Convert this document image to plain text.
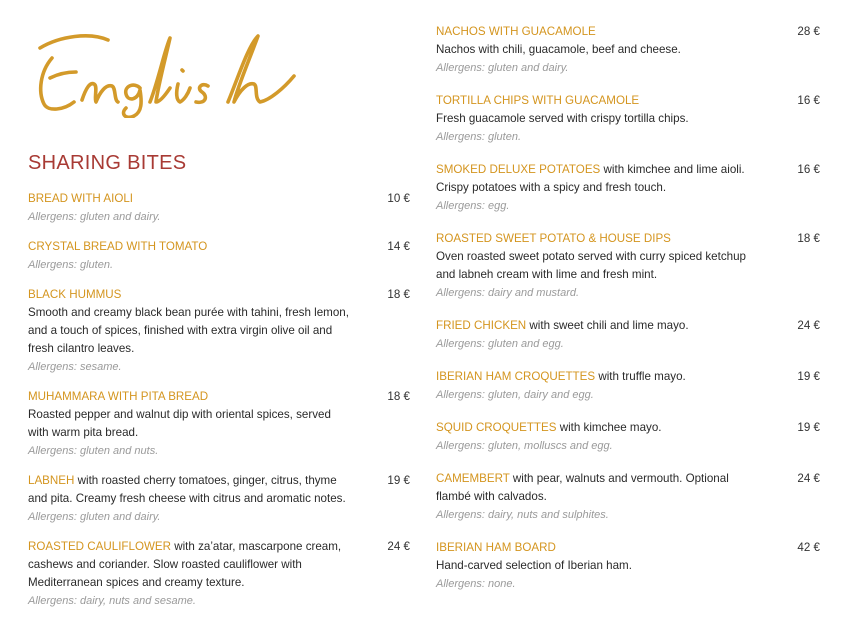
SHARING BITES
BREAD WITH AIOLI	10 €
Allergens: gluten and dairy.
CRYSTAL BREAD WITH TOMATO	14 €
Allergens: gluten.
BLACK HUMMUS	18 €
Smooth and creamy black bean purée with tahini, fresh lemon,
and a touch of spices, finished with extra virgin olive oil and
fresh cilantro leaves.
Allergens: sesame.
MUHAMMARA WITH PITA BREAD	18 €
Roasted pepper and walnut dip with oriental spices, served
with warm pita bread.
Allergens: gluten and nuts.
LABNEH with roasted cherry tomatoes, ginger, citrus, thyme	19 €
and pita. Creamy fresh cheese with citrus and aromatic notes.
Allergens: gluten and dairy.
ROASTED CAULIFLOWER with za’atar, mascarpone cream,	24 €
cashews and coriander. Slow roasted cauliflower with
Mediterranean spices and creamy texture.
Allergens: dairy, nuts and sesame.
NACHOS WITH GUACAMOLE	28 €
Nachos with chili, guacamole, beef and cheese.
Allergens: gluten and dairy.
TORTILLA CHIPS WITH GUACAMOLE	16 €
Fresh guacamole served with crispy tortilla chips.
Allergens: gluten.
SMOKED DELUXE POTATOES with kimchee and lime aioli.	16 €
Crispy potatoes with a spicy and fresh touch.
Allergens: egg.
ROASTED SWEET POTATO & HOUSE DIPS	18 €
Oven roasted sweet potato served with curry spiced ketchup
and labneh cream with lime and fresh mint.
Allergens: dairy and mustard.
FRIED CHICKEN with sweet chili and lime mayo.	24 €
Allergens: gluten and egg.
IBERIAN HAM CROQUETTES with truffle mayo.	19 €
Allergens: gluten, dairy and egg.
SQUID CROQUETTES with kimchee mayo.	19 €
Allergens: gluten, molluscs and egg.
CAMEMBERT with pear, walnuts and vermouth. Optional	24 €
flambé with calvados.
Allergens: dairy, nuts and sulphites.
IBERIAN HAM BOARD	42 €
Hand-carved selection of Iberian ham.
Allergens: none.
